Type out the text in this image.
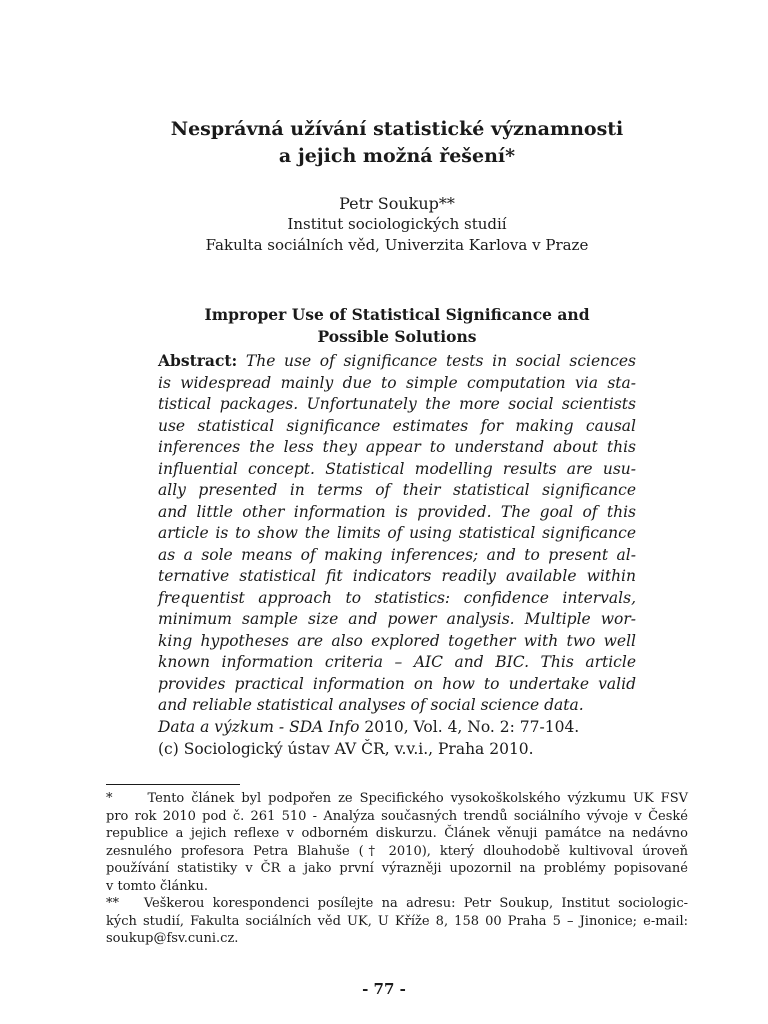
Nesprávná užívání statistické významnosti
a jejich možná řešení*
Petr Soukup**
Institut sociologických studií
Fakulta sociálních věd, Univerzita Karlova v Praze
Improper Use of Statistical Significance and
Possible Solutions
Abstract: The use of significance tests in social sciences
is widespread mainly due to simple computation via sta-
tistical packages. Unfortunately the more social scientists
use statistical significance estimates for making causal
inferences the less they appear to understand about this
influential concept. Statistical modelling results are usu-
ally presented in terms of their statistical significance
and little other information is provided. The goal of this
article is to show the limits of using statistical significance
as a sole means of making inferences; and to present al-
ternative statistical fit indicators readily available within
frequentist approach to statistics: confidence intervals,
minimum sample size and power analysis. Multiple wor-
king hypotheses are also explored together with two well
known information criteria – AIC and BIC. This article
provides practical information on how to undertake valid
and reliable statistical analyses of social science data.
Data a výzkum - SDA Info 2010, Vol. 4, No. 2: 77-104.
(c) Sociologický ústav AV ČR, v.v.i., Praha 2010.
*     Tento článek byl podpořen ze Specifického vysokoškolského výzkumu UK FSV
pro rok 2010 pod č. 261 510 - Analýza současných trendů sociálního vývoje v České
republice a jejich reflexe v odborném diskurzu. Článek věnuji památce na nedávno
zesnulého profesora Petra Blahuše († 2010), který dlouhodobě kultivoval úroveň
používání statistiky v ČR a jako první výrazněji upozornil na problémy popisované
v tomto článku.
**   Veškerou korespondenci posílejte na adresu: Petr Soukup, Institut sociologic-
kých studií, Fakulta sociálních věd UK, U Kříže 8, 158 00 Praha 5 – Jinonice; e-mail:
soukup@fsv.cuni.cz.
- 77 -
